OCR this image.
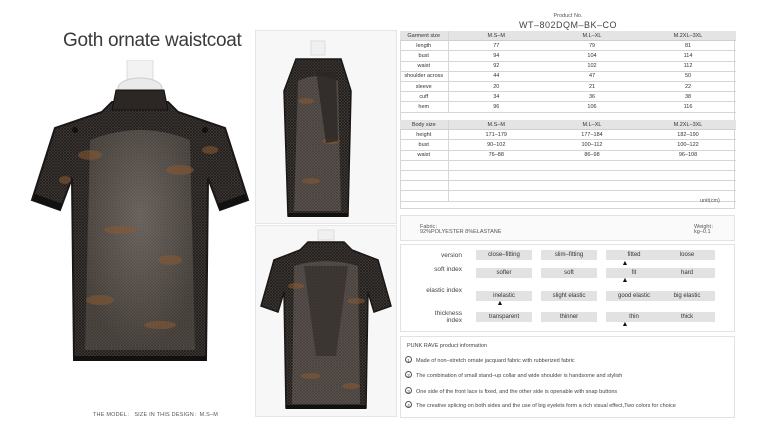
Goth ornate waistcoat
THE MODEL： SIZE IN THIS DESIGN：M.S–M
Product No.
WT–802DQM–BK–CO
Garment size	M.S–M	M.L–XL	M.2XL–3XL
length	77	79	81
bust	94	104	114
waist	92	102	112
shoulder across	44	47	50
sleeve	20	21	22
cuff	34	36	38
hem	96	106	116
Body size	M.S–M	M.L–XL	M.2XL–3XL
height	171–179	177–184	182–190
bust	90–102	100–112	100–122
waist	76–88	86–98	96–108

unit(cm)
Fabric：
92%POLYESTER 8%ELASTANE
Weight：
kg–0.1
version	close–fitting	slim–fitting	fitted	loose
▲
soft index	softer	soft	fit	hard
▲
elastic index
inelastic	slight elastic	good elastic	big elastic
▲
thickness index	transparent	thinner	thin	thick
▲
PUNK RAVE product information
1 Made of non–stretch ornate jacquard fabric with rubberized fabric
2 The combination of small stand–up collar and wide shoulder is handsome and stylish
3 One side of the front lace is fixed, and the other side is openable with snap buttons
4 The creative splicing on both sides and the use of big eyelets form a rich visual effect,Two colors for choice
